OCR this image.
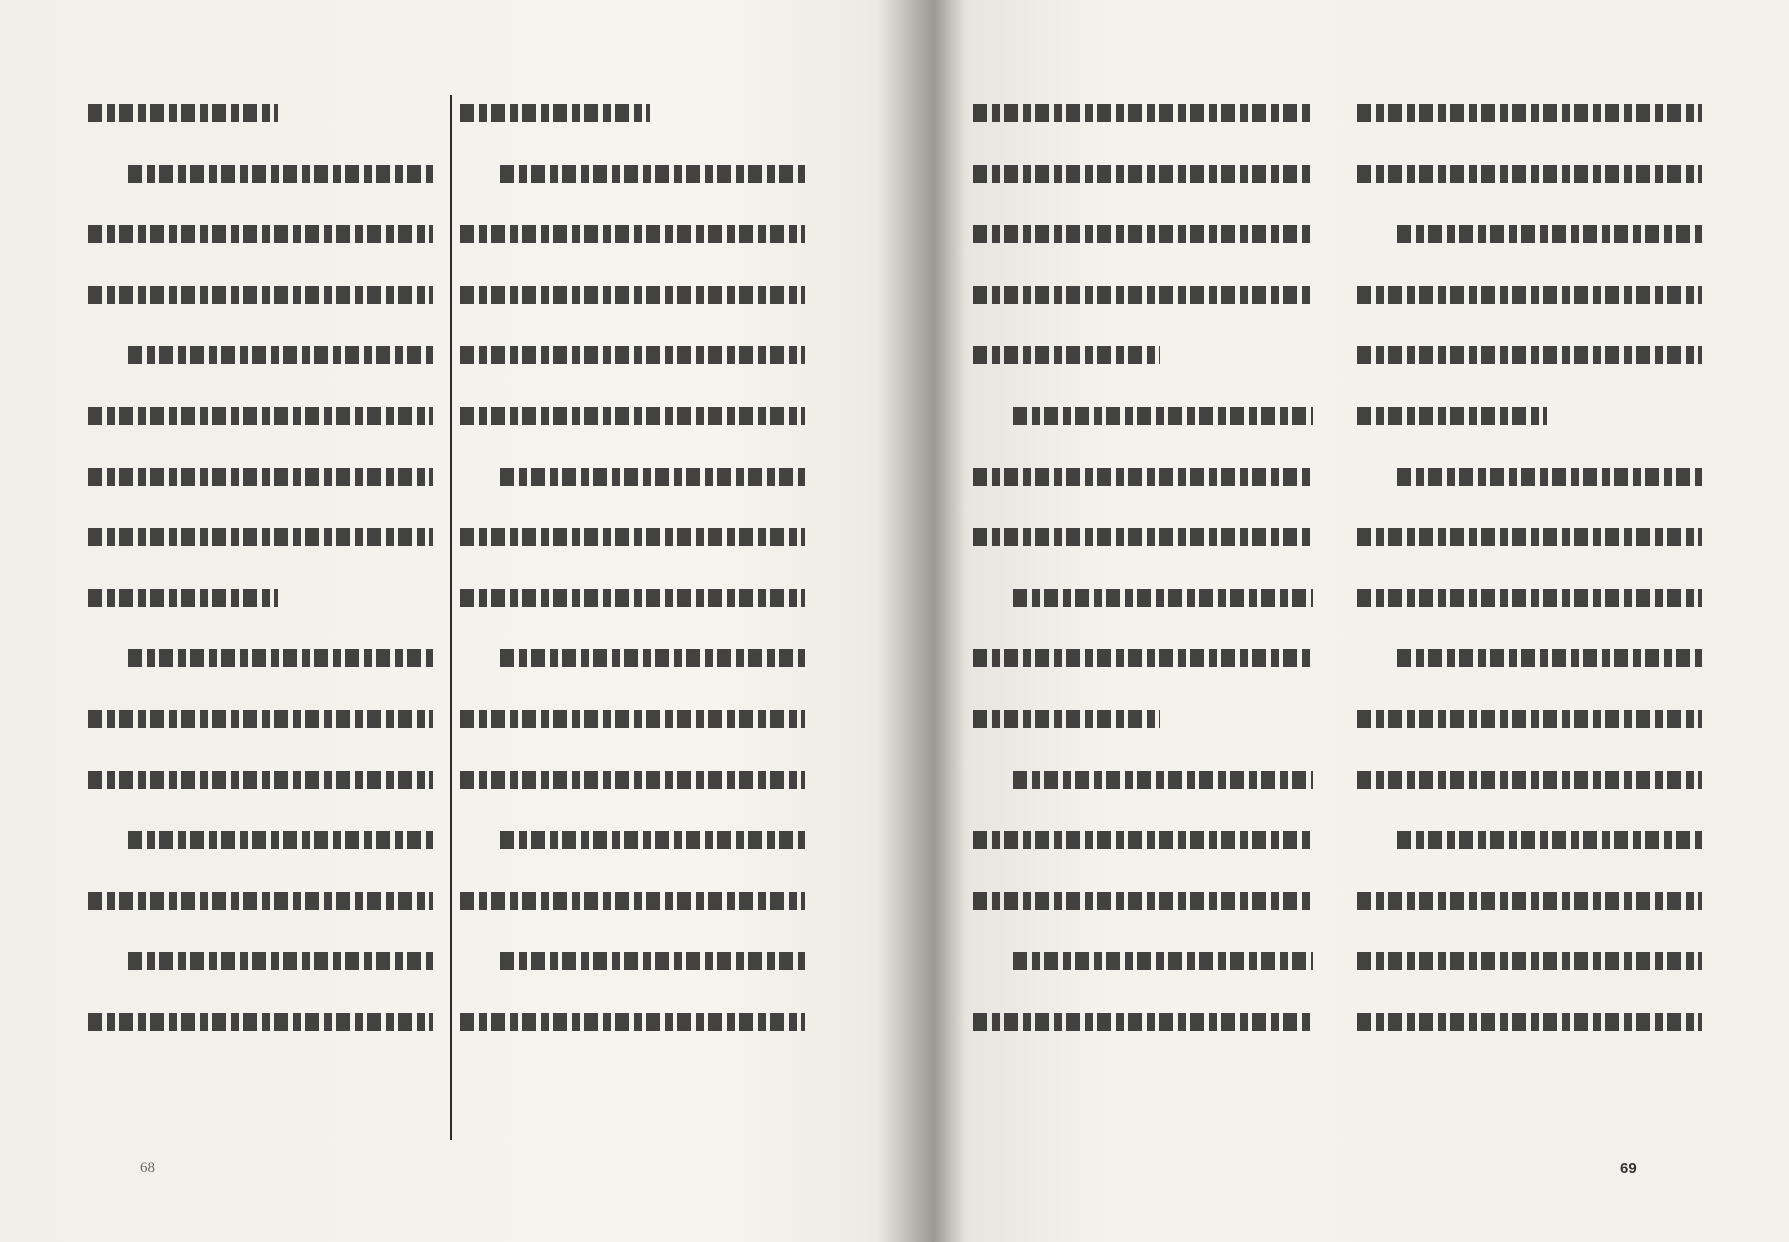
68	69
